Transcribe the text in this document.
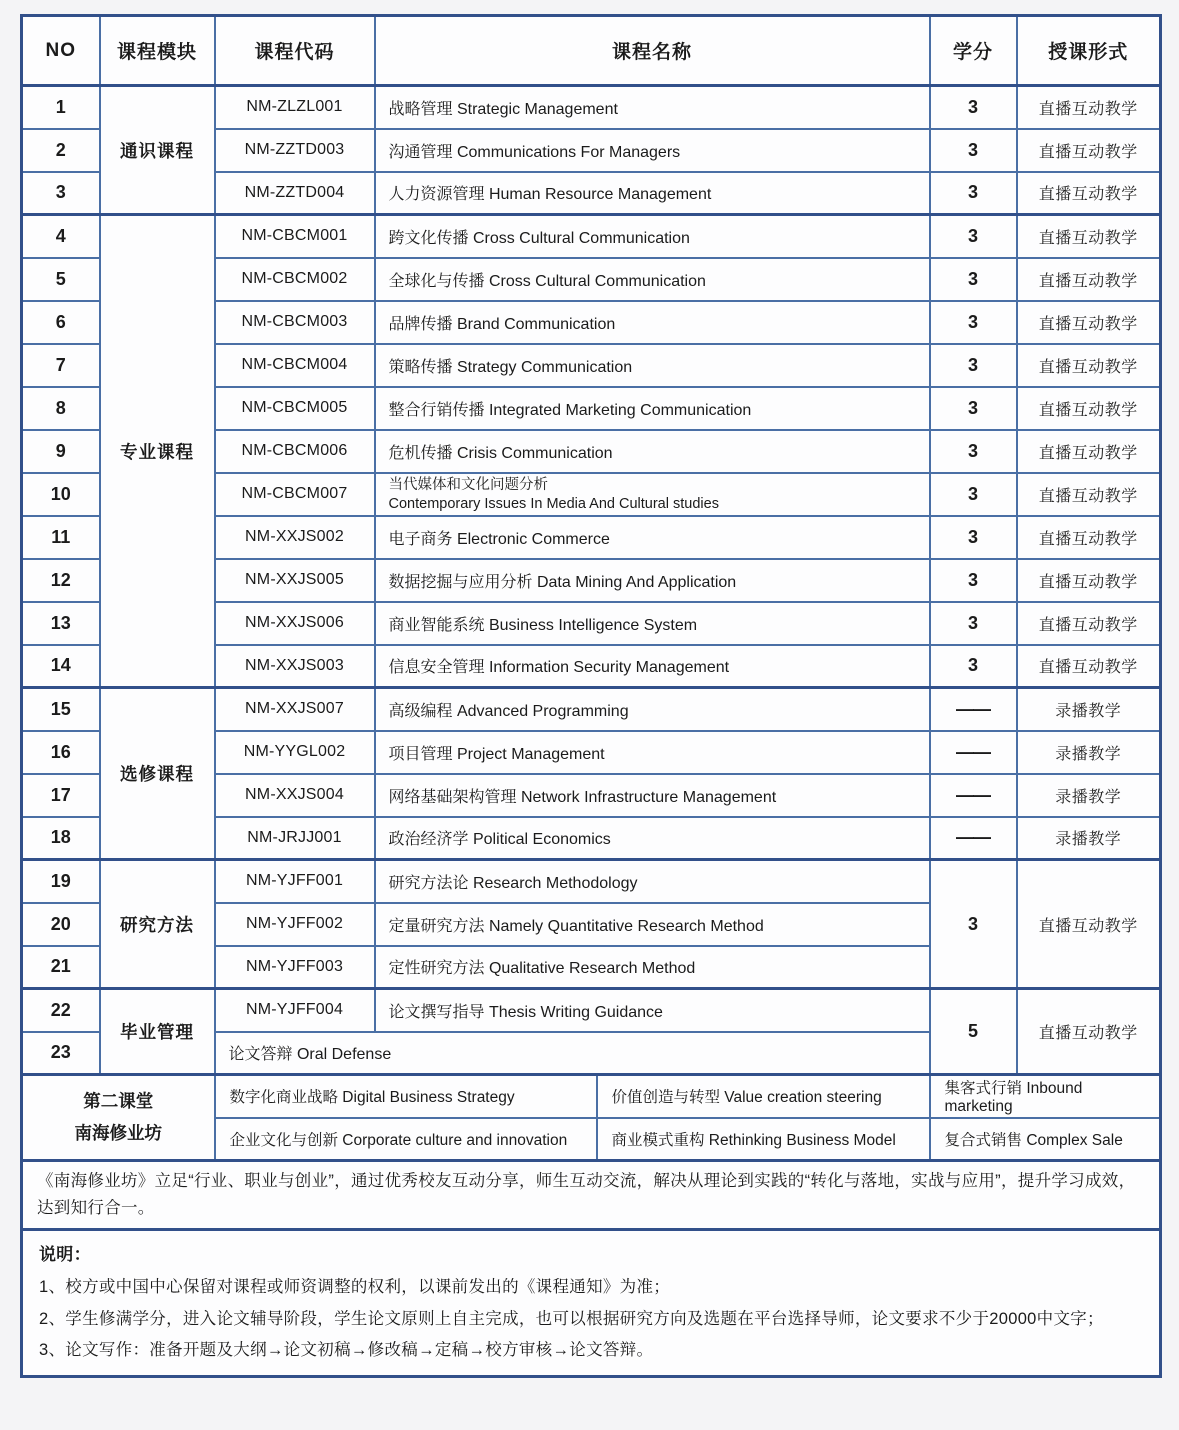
NO	课程模块	课程代码	课程名称		学分	授课形式
1	通识课程	NM-ZLZL001	战略管理 Strategic Management		3	直播互动教学
2		NM-ZZTD003	沟通管理 Communications For Managers		3	直播互动教学
3		NM-ZZTD004	人力资源管理 Human Resource Management		3	直播互动教学
4	专业课程	NM-CBCM001	跨文化传播 Cross Cultural Communication		3	直播互动教学
5		NM-CBCM002	全球化与传播 Cross Cultural Communication		3	直播互动教学
6		NM-CBCM003	品牌传播 Brand Communication		3	直播互动教学
7		NM-CBCM004	策略传播 Strategy Communication		3	直播互动教学
8		NM-CBCM005	整合行销传播 Integrated Marketing Communication		3	直播互动教学
9		NM-CBCM006	危机传播 Crisis Communication		3	直播互动教学
10		NM-CBCM007	当代媒体和文化问题分析
Contemporary Issues In Media And Cultural studies		3	直播互动教学
11		NM-XXJS002	电子商务 Electronic Commerce		3	直播互动教学
12		NM-XXJS005	数据挖掘与应用分析 Data Mining And Application		3	直播互动教学
13		NM-XXJS006	商业智能系统 Business Intelligence System		3	直播互动教学
14		NM-XXJS003	信息安全管理 Information Security Management		3	直播互动教学
15	选修课程	NM-XXJS007	高级编程 Advanced Programming		——	录播教学
16		NM-YYGL002	项目管理 Project Management		——	录播教学
17		NM-XXJS004	网络基础架构管理 Network Infrastructure Management		——	录播教学
18		NM-JRJJ001	政治经济学 Political Economics		——	录播教学
19	研究方法	NM-YJFF001	研究方法论 Research Methodology		3	直播互动教学
20		NM-YJFF002	定量研究方法 Namely Quantitative Research Method			
21		NM-YJFF003	定性研究方法 Qualitative Research Method			
22	毕业管理	NM-YJFF004	论文撰写指导 Thesis Writing Guidance		5	直播互动教学
23		论文答辩 Oral Defense				

第二课堂
南海修业坊		数字化商业战略 Digital Business Strategy		价值创造与转型 Value creation steering	集客式行销 Inbound marketing	
		企业文化与创新 Corporate culture and innovation		商业模式重构 Rethinking Business Model	复合式销售 Complex Sale	
《南海修业坊》立足“行业、职业与创业”，通过优秀校友互动分享，师生互动交流，解决从理论到实践的“转化与落地，实战与应用”，提升学习成效，达到知行合一。						

说明：
1、校方或中国中心保留对课程或师资调整的权利，以课前发出的《课程通知》为准；
2、学生修满学分，进入论文辅导阶段，学生论文原则上自主完成，也可以根据研究方向及选题在平台选择导师，论文要求不少于20000中文字；
3、论文写作：准备开题及大纲→论文初稿→修改稿→定稿→校方审核→论文答辩。						
